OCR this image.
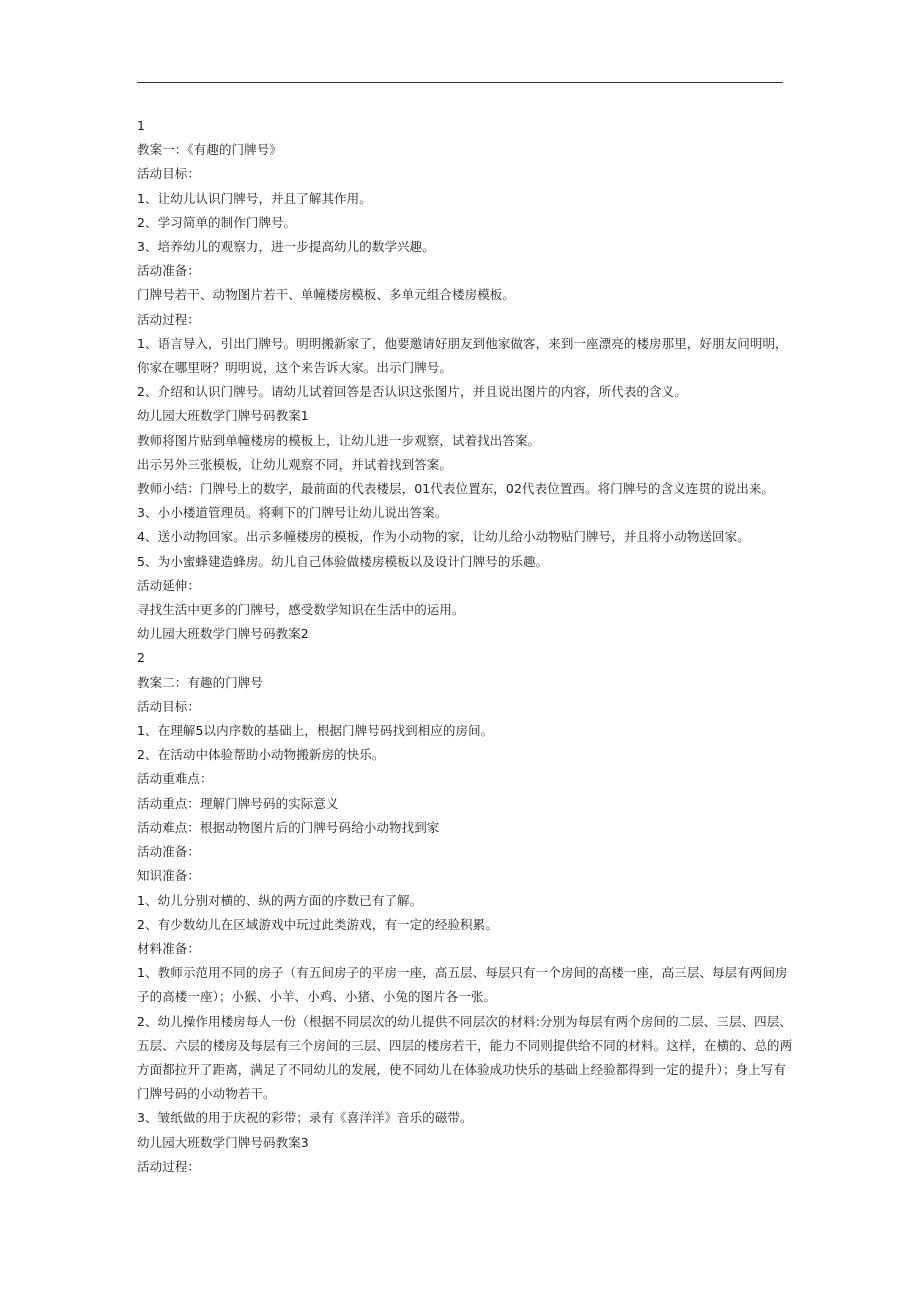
1
教案一：《有趣的门牌号》
活动目标：
1、让幼儿认识门牌号，并且了解其作用。
2、学习简单的制作门牌号。
3、培养幼儿的观察力，进一步提高幼儿的数学兴趣。
活动准备：
门牌号若干、动物图片若干、单幢楼房模板、多单元组合楼房模板。
活动过程：
1、语言导入，引出门牌号。明明搬新家了，他要邀请好朋友到他家做客，来到一座漂亮的楼房那里，好朋友问明明，
你家在哪里呀？明明说，这个来告诉大家。出示门牌号。
2、介绍和认识门牌号。请幼儿试着回答是否认识这张图片，并且说出图片的内容，所代表的含义。
幼儿园大班数学门牌号码教案1
教师将图片贴到单幢楼房的模板上，让幼儿进一步观察，试着找出答案。
出示另外三张模板，让幼儿观察不同，并试着找到答案。
教师小结：门牌号上的数字，最前面的代表楼层，01代表位置东，02代表位置西。将门牌号的含义连贯的说出来。
3、小小楼道管理员。将剩下的门牌号让幼儿说出答案。
4、送小动物回家。出示多幢楼房的模板，作为小动物的家，让幼儿给小动物贴门牌号，并且将小动物送回家。
5、为小蜜蜂建造蜂房。幼儿自己体验做楼房模板以及设计门牌号的乐趣。
活动延伸：
寻找生活中更多的门牌号，感受数学知识在生活中的运用。
幼儿园大班数学门牌号码教案2
2
教案二：有趣的门牌号
活动目标：
1、在理解5以内序数的基础上，根据门牌号码找到相应的房间。
2、在活动中体验帮助小动物搬新房的快乐。
活动重难点：
活动重点：理解门牌号码的实际意义
活动难点：根据动物图片后的门牌号码给小动物找到家
活动准备：
知识准备：
1、幼儿分别对横的、纵的两方面的序数已有了解。
2、有少数幼儿在区域游戏中玩过此类游戏，有一定的经验积累。
材料准备：
1、教师示范用不同的房子（有五间房子的平房一座，高五层、每层只有一个房间的高楼一座，高三层、每层有两间房
子的高楼一座）；小猴、小羊、小鸡、小猪、小兔的图片各一张。
2、幼儿操作用楼房每人一份（根据不同层次的幼儿提供不同层次的材料:分别为每层有两个房间的二层、三层、四层、
五层、六层的楼房及每层有三个房间的三层、四层的楼房若干，能力不同则提供给不同的材料。这样，在横的、总的两
方面都拉开了距离，满足了不同幼儿的发展，使不同幼儿在体验成功快乐的基础上经验都得到一定的提升）；身上写有
门牌号码的小动物若干。
3、皱纸做的用于庆祝的彩带；录有《喜洋洋》音乐的磁带。
幼儿园大班数学门牌号码教案3
活动过程：
